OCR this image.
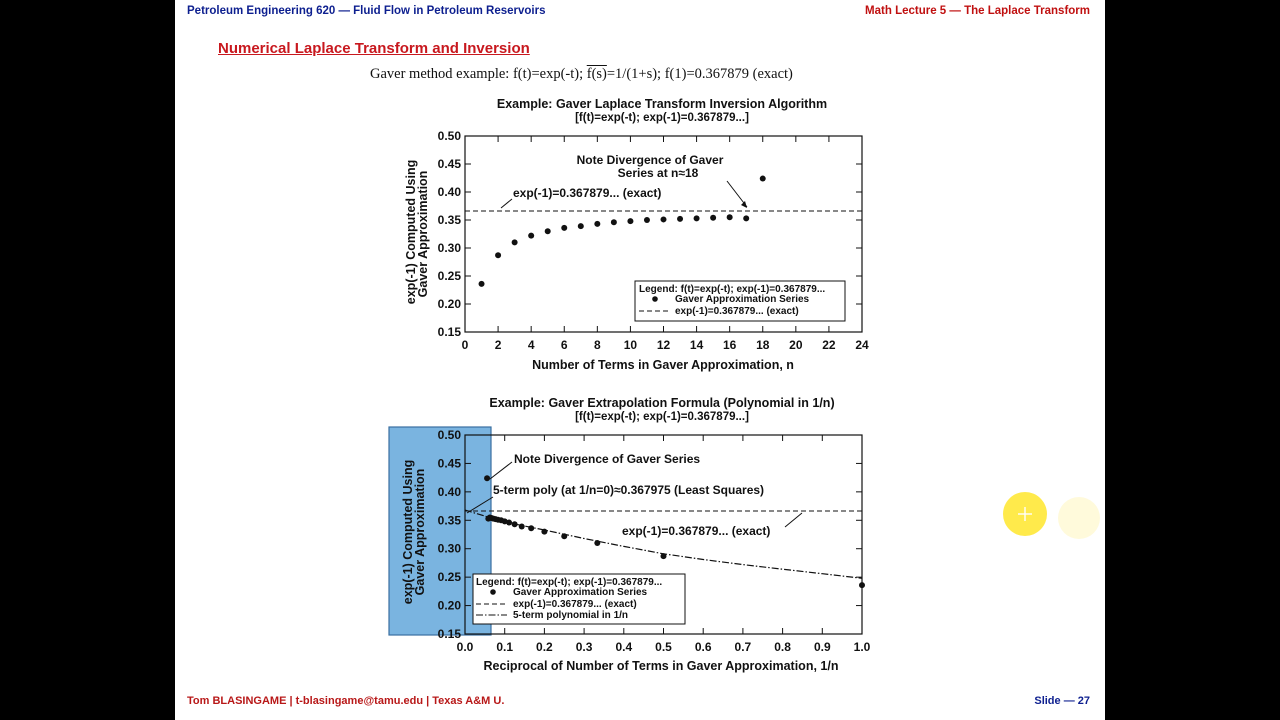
Petroleum Engineering 620 — Fluid Flow in Petroleum Reservoirs	Math Lecture 5 — The Laplace Transform
Numerical Laplace Transform and Inversion
Gaver method example: f(t)=exp(-t); f(s)=1/(1+s); f(1)=0.367879 (exact)
Example: Gaver Laplace Transform Inversion Algorithm
[f(t)=exp(-t); exp(-1)=0.367879...]
0.50
0.45
0.40
0.35
0.30
0.25
0.20
0.15
0 2 4 6 8 10 12 14 16 18 20 22 24
Note Divergence of Gaver
Series at n≈18
exp(-1)=0.367879... (exact)
Legend: f(t)=exp(-t); exp(-1)=0.367879...
Gaver Approximation Series
exp(-1)=0.367879... (exact)
Number of Terms in Gaver Approximation, n
exp(-1) Computed Using
Gaver Approximation
Example: Gaver Extrapolation Formula (Polynomial in 1/n)
[f(t)=exp(-t); exp(-1)=0.367879...]
0.50
0.45
0.40
0.35
0.30
0.25
0.20
0.15
0.0 0.1 0.2 0.3 0.4 0.5 0.6 0.7 0.8 0.9 1.0
Note Divergence of Gaver Series
5-term poly (at 1/n=0)≈0.367975 (Least Squares)
exp(-1)=0.367879... (exact)
Legend: f(t)=exp(-t); exp(-1)=0.367879...
Gaver Approximation Series
exp(-1)=0.367879... (exact)
5-term polynomial in 1/n
Reciprocal of Number of Terms in Gaver Approximation, 1/n
exp(-1) Computed Using
Gaver Approximation
Tom BLASINGAME | t-blasingame@tamu.edu | Texas A&M U.	Slide — 27
